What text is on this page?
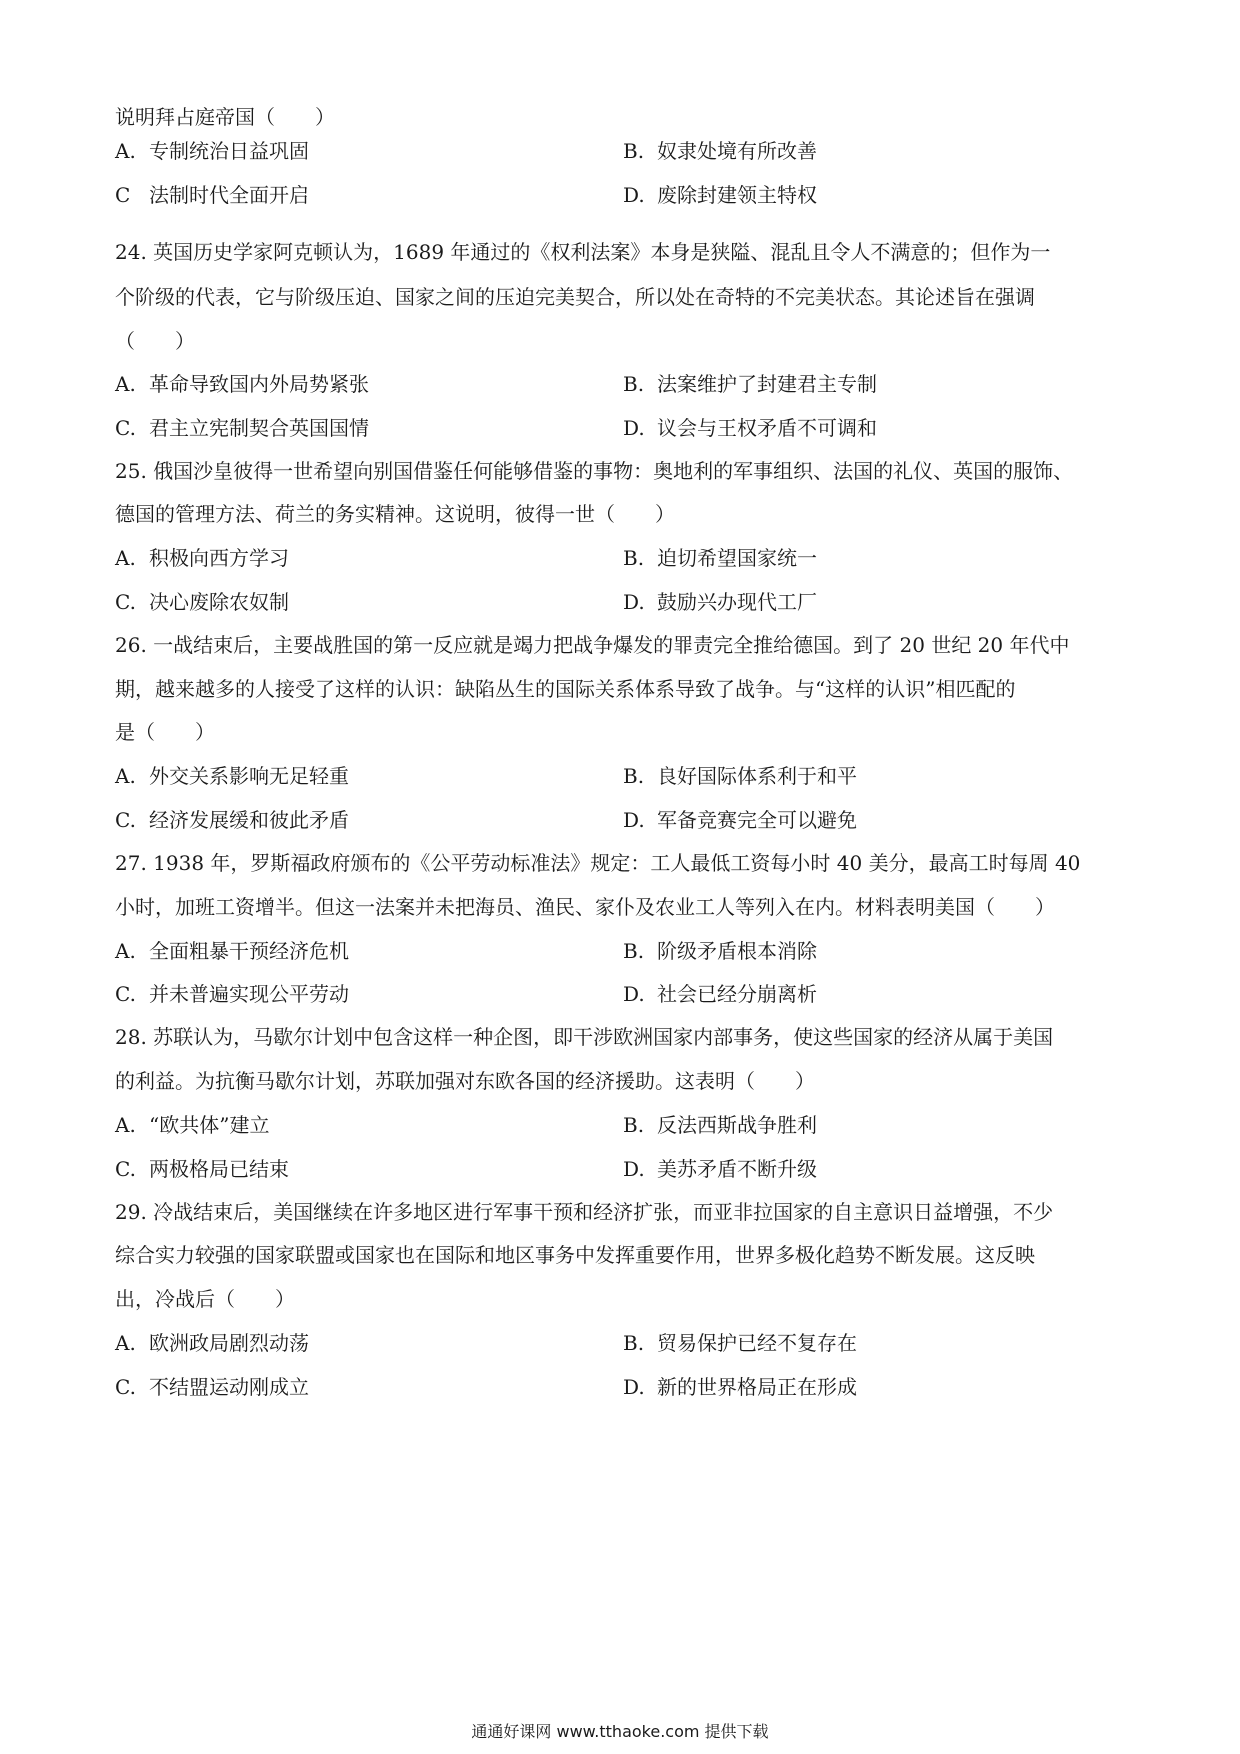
说明拜占庭帝国（　　）
A. 专制统治日益巩固	B. 奴隶处境有所改善
C 法制时代全面开启	D. 废除封建领主特权
24. 英国历史学家阿克顿认为，1689 年通过的《权利法案》本身是狭隘、混乱且令人不满意的；但作为一
个阶级的代表，它与阶级压迫、国家之间的压迫完美契合，所以处在奇特的不完美状态。其论述旨在强调
（　　）
A. 革命导致国内外局势紧张	B. 法案维护了封建君主专制
C. 君主立宪制契合英国国情	D. 议会与王权矛盾不可调和
25. 俄国沙皇彼得一世希望向别国借鉴任何能够借鉴的事物：奥地利的军事组织、法国的礼仪、英国的服饰、
德国的管理方法、荷兰的务实精神。这说明，彼得一世（　　）
A. 积极向西方学习	B. 迫切希望国家统一
C. 决心废除农奴制	D. 鼓励兴办现代工厂
26. 一战结束后，主要战胜国的第一反应就是竭力把战争爆发的罪责完全推给德国。到了 20 世纪 20 年代中
期，越来越多的人接受了这样的认识：缺陷丛生的国际关系体系导致了战争。与“这样的认识”相匹配的
是（　　）
A. 外交关系影响无足轻重	B. 良好国际体系利于和平
C. 经济发展缓和彼此矛盾	D. 军备竞赛完全可以避免
27. 1938 年，罗斯福政府颁布的《公平劳动标准法》规定：工人最低工资每小时 40 美分，最高工时每周 40
小时，加班工资增半。但这一法案并未把海员、渔民、家仆及农业工人等列入在内。材料表明美国（　　）
A. 全面粗暴干预经济危机	B. 阶级矛盾根本消除
C. 并未普遍实现公平劳动	D. 社会已经分崩离析
28. 苏联认为，马歇尔计划中包含这样一种企图，即干涉欧洲国家内部事务，使这些国家的经济从属于美国
的利益。为抗衡马歇尔计划，苏联加强对东欧各国的经济援助。这表明（　　）
A. “欧共体”建立	B. 反法西斯战争胜利
C. 两极格局已结束	D. 美苏矛盾不断升级
29. 冷战结束后，美国继续在许多地区进行军事干预和经济扩张，而亚非拉国家的自主意识日益增强，不少
综合实力较强的国家联盟或国家也在国际和地区事务中发挥重要作用，世界多极化趋势不断发展。这反映
出，冷战后（　　）
A. 欧洲政局剧烈动荡	B. 贸易保护已经不复存在
C. 不结盟运动刚成立	D. 新的世界格局正在形成
通通好课网 www.tthaoke.com 提供下载
